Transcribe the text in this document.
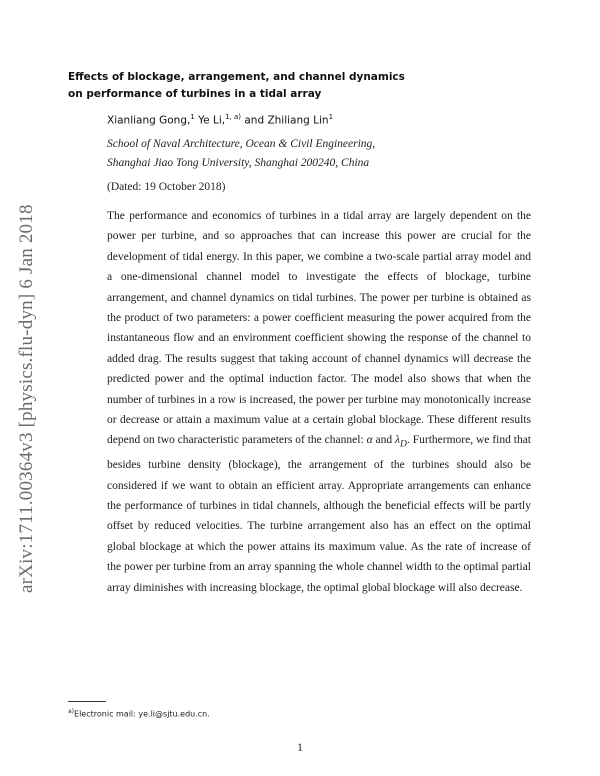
arXiv:1711.00364v3 [physics.flu-dyn] 6 Jan 2018
Effects of blockage, arrangement, and channel dynamics
on performance of turbines in a tidal array
Xianliang Gong,$^1$ Ye Li,$^{1, a)}$ and Zhiliang Lin$^1$
School of Naval Architecture, Ocean & Civil Engineering,
Shanghai Jiao Tong University, Shanghai 200240, China
(Dated: 19 October 2018)

The performance and economics of turbines in a tidal array are largely dependent on the power per turbine, and so approaches that can increase this power are crucial for the development of tidal energy. In this paper, we combine a two-scale partial array model and a one-dimensional channel model to investigate the effects of blockage, turbine arrangement, and channel dynamics on tidal turbines. The power per turbine is obtained as the product of two parameters: a power coefficient measuring the power acquired from the instantaneous flow and an environment coefficient showing the response of the channel to added drag. The results suggest that taking account of channel dynamics will decrease the predicted power and the optimal induction factor. The model also shows that when the number of turbines in a row is increased, the power per turbine may monotonically increase or decrease or attain a maximum value at a certain global blockage. These different results depend on two characteristic parameters of the channel: α and $\lambda_D$. Furthermore, we find that besides turbine density (blockage), the arrangement of the turbines should also be considered if we want to obtain an efficient array. Appropriate arrangements can enhance the performance of turbines in tidal channels, although the beneficial effects will be partly offset by reduced velocities. The turbine arrangement also has an effect on the optimal global blockage at which the power attains its maximum value. As the rate of increase of the power per turbine from an array spanning the whole channel width to the optimal partial array diminishes with increasing blockage, the optimal global blockage will also decrease.

$^{a)}$Electronic mail: ye.li@sjtu.edu.cn.
1
